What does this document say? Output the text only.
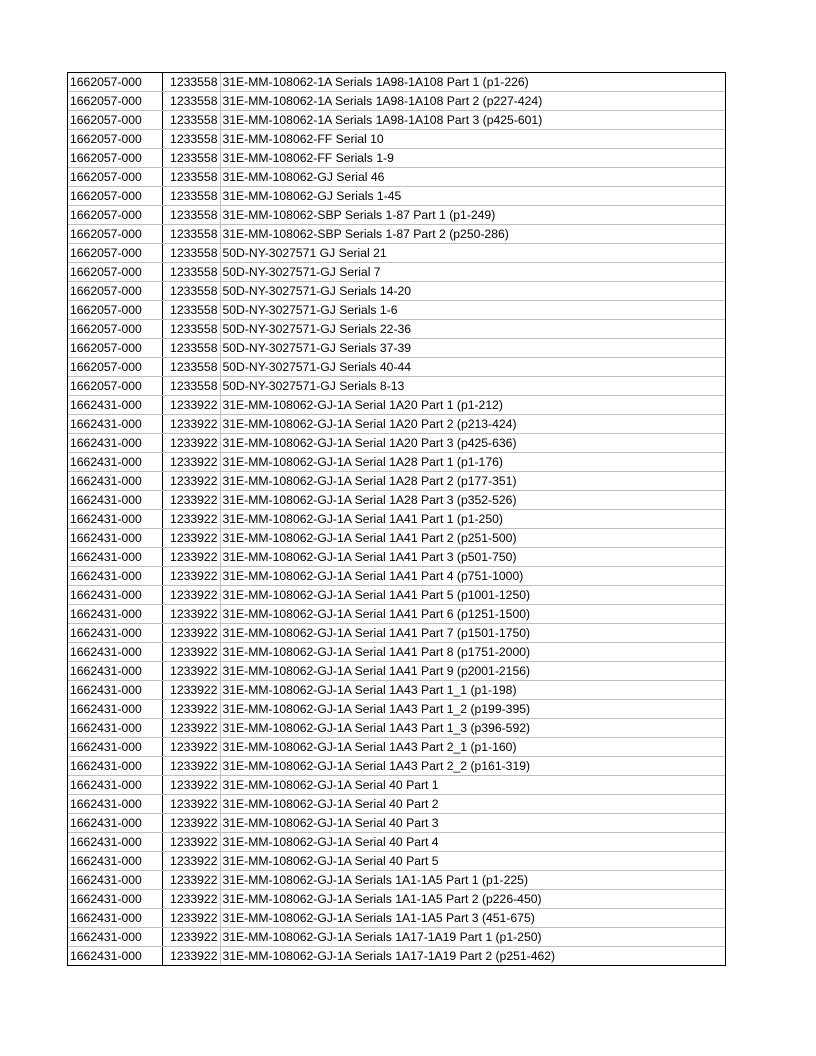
1662057-000	1233558	31E-MM-108062-1A Serials 1A98-1A108 Part 1 (p1-226)
1662057-000	1233558	31E-MM-108062-1A Serials 1A98-1A108 Part 2 (p227-424)
1662057-000	1233558	31E-MM-108062-1A Serials 1A98-1A108 Part 3 (p425-601)
1662057-000	1233558	31E-MM-108062-FF Serial 10
1662057-000	1233558	31E-MM-108062-FF Serials 1-9
1662057-000	1233558	31E-MM-108062-GJ Serial 46
1662057-000	1233558	31E-MM-108062-GJ Serials 1-45
1662057-000	1233558	31E-MM-108062-SBP Serials 1-87 Part 1 (p1-249)
1662057-000	1233558	31E-MM-108062-SBP Serials 1-87 Part 2 (p250-286)
1662057-000	1233558	50D-NY-3027571 GJ Serial 21
1662057-000	1233558	50D-NY-3027571-GJ Serial 7
1662057-000	1233558	50D-NY-3027571-GJ Serials 14-20
1662057-000	1233558	50D-NY-3027571-GJ Serials 1-6
1662057-000	1233558	50D-NY-3027571-GJ Serials 22-36
1662057-000	1233558	50D-NY-3027571-GJ Serials 37-39
1662057-000	1233558	50D-NY-3027571-GJ Serials 40-44
1662057-000	1233558	50D-NY-3027571-GJ Serials 8-13
1662431-000	1233922	31E-MM-108062-GJ-1A Serial 1A20 Part 1 (p1-212)
1662431-000	1233922	31E-MM-108062-GJ-1A Serial 1A20 Part 2 (p213-424)
1662431-000	1233922	31E-MM-108062-GJ-1A Serial 1A20 Part 3 (p425-636)
1662431-000	1233922	31E-MM-108062-GJ-1A Serial 1A28 Part 1 (p1-176)
1662431-000	1233922	31E-MM-108062-GJ-1A Serial 1A28 Part 2 (p177-351)
1662431-000	1233922	31E-MM-108062-GJ-1A Serial 1A28 Part 3 (p352-526)
1662431-000	1233922	31E-MM-108062-GJ-1A Serial 1A41 Part 1 (p1-250)
1662431-000	1233922	31E-MM-108062-GJ-1A Serial 1A41 Part 2 (p251-500)
1662431-000	1233922	31E-MM-108062-GJ-1A Serial 1A41 Part 3 (p501-750)
1662431-000	1233922	31E-MM-108062-GJ-1A Serial 1A41 Part 4 (p751-1000)
1662431-000	1233922	31E-MM-108062-GJ-1A Serial 1A41 Part 5 (p1001-1250)
1662431-000	1233922	31E-MM-108062-GJ-1A Serial 1A41 Part 6 (p1251-1500)
1662431-000	1233922	31E-MM-108062-GJ-1A Serial 1A41 Part 7 (p1501-1750)
1662431-000	1233922	31E-MM-108062-GJ-1A Serial 1A41 Part 8 (p1751-2000)
1662431-000	1233922	31E-MM-108062-GJ-1A Serial 1A41 Part 9 (p2001-2156)
1662431-000	1233922	31E-MM-108062-GJ-1A Serial 1A43 Part 1_1 (p1-198)
1662431-000	1233922	31E-MM-108062-GJ-1A Serial 1A43 Part 1_2 (p199-395)
1662431-000	1233922	31E-MM-108062-GJ-1A Serial 1A43 Part 1_3 (p396-592)
1662431-000	1233922	31E-MM-108062-GJ-1A Serial 1A43 Part 2_1 (p1-160)
1662431-000	1233922	31E-MM-108062-GJ-1A Serial 1A43 Part 2_2 (p161-319)
1662431-000	1233922	31E-MM-108062-GJ-1A Serial 40 Part 1
1662431-000	1233922	31E-MM-108062-GJ-1A Serial 40 Part 2
1662431-000	1233922	31E-MM-108062-GJ-1A Serial 40 Part 3
1662431-000	1233922	31E-MM-108062-GJ-1A Serial 40 Part 4
1662431-000	1233922	31E-MM-108062-GJ-1A Serial 40 Part 5
1662431-000	1233922	31E-MM-108062-GJ-1A Serials 1A1-1A5 Part 1 (p1-225)
1662431-000	1233922	31E-MM-108062-GJ-1A Serials 1A1-1A5 Part 2 (p226-450)
1662431-000	1233922	31E-MM-108062-GJ-1A Serials 1A1-1A5 Part 3 (451-675)
1662431-000	1233922	31E-MM-108062-GJ-1A Serials 1A17-1A19 Part 1 (p1-250)
1662431-000	1233922	31E-MM-108062-GJ-1A Serials 1A17-1A19 Part 2 (p251-462)
